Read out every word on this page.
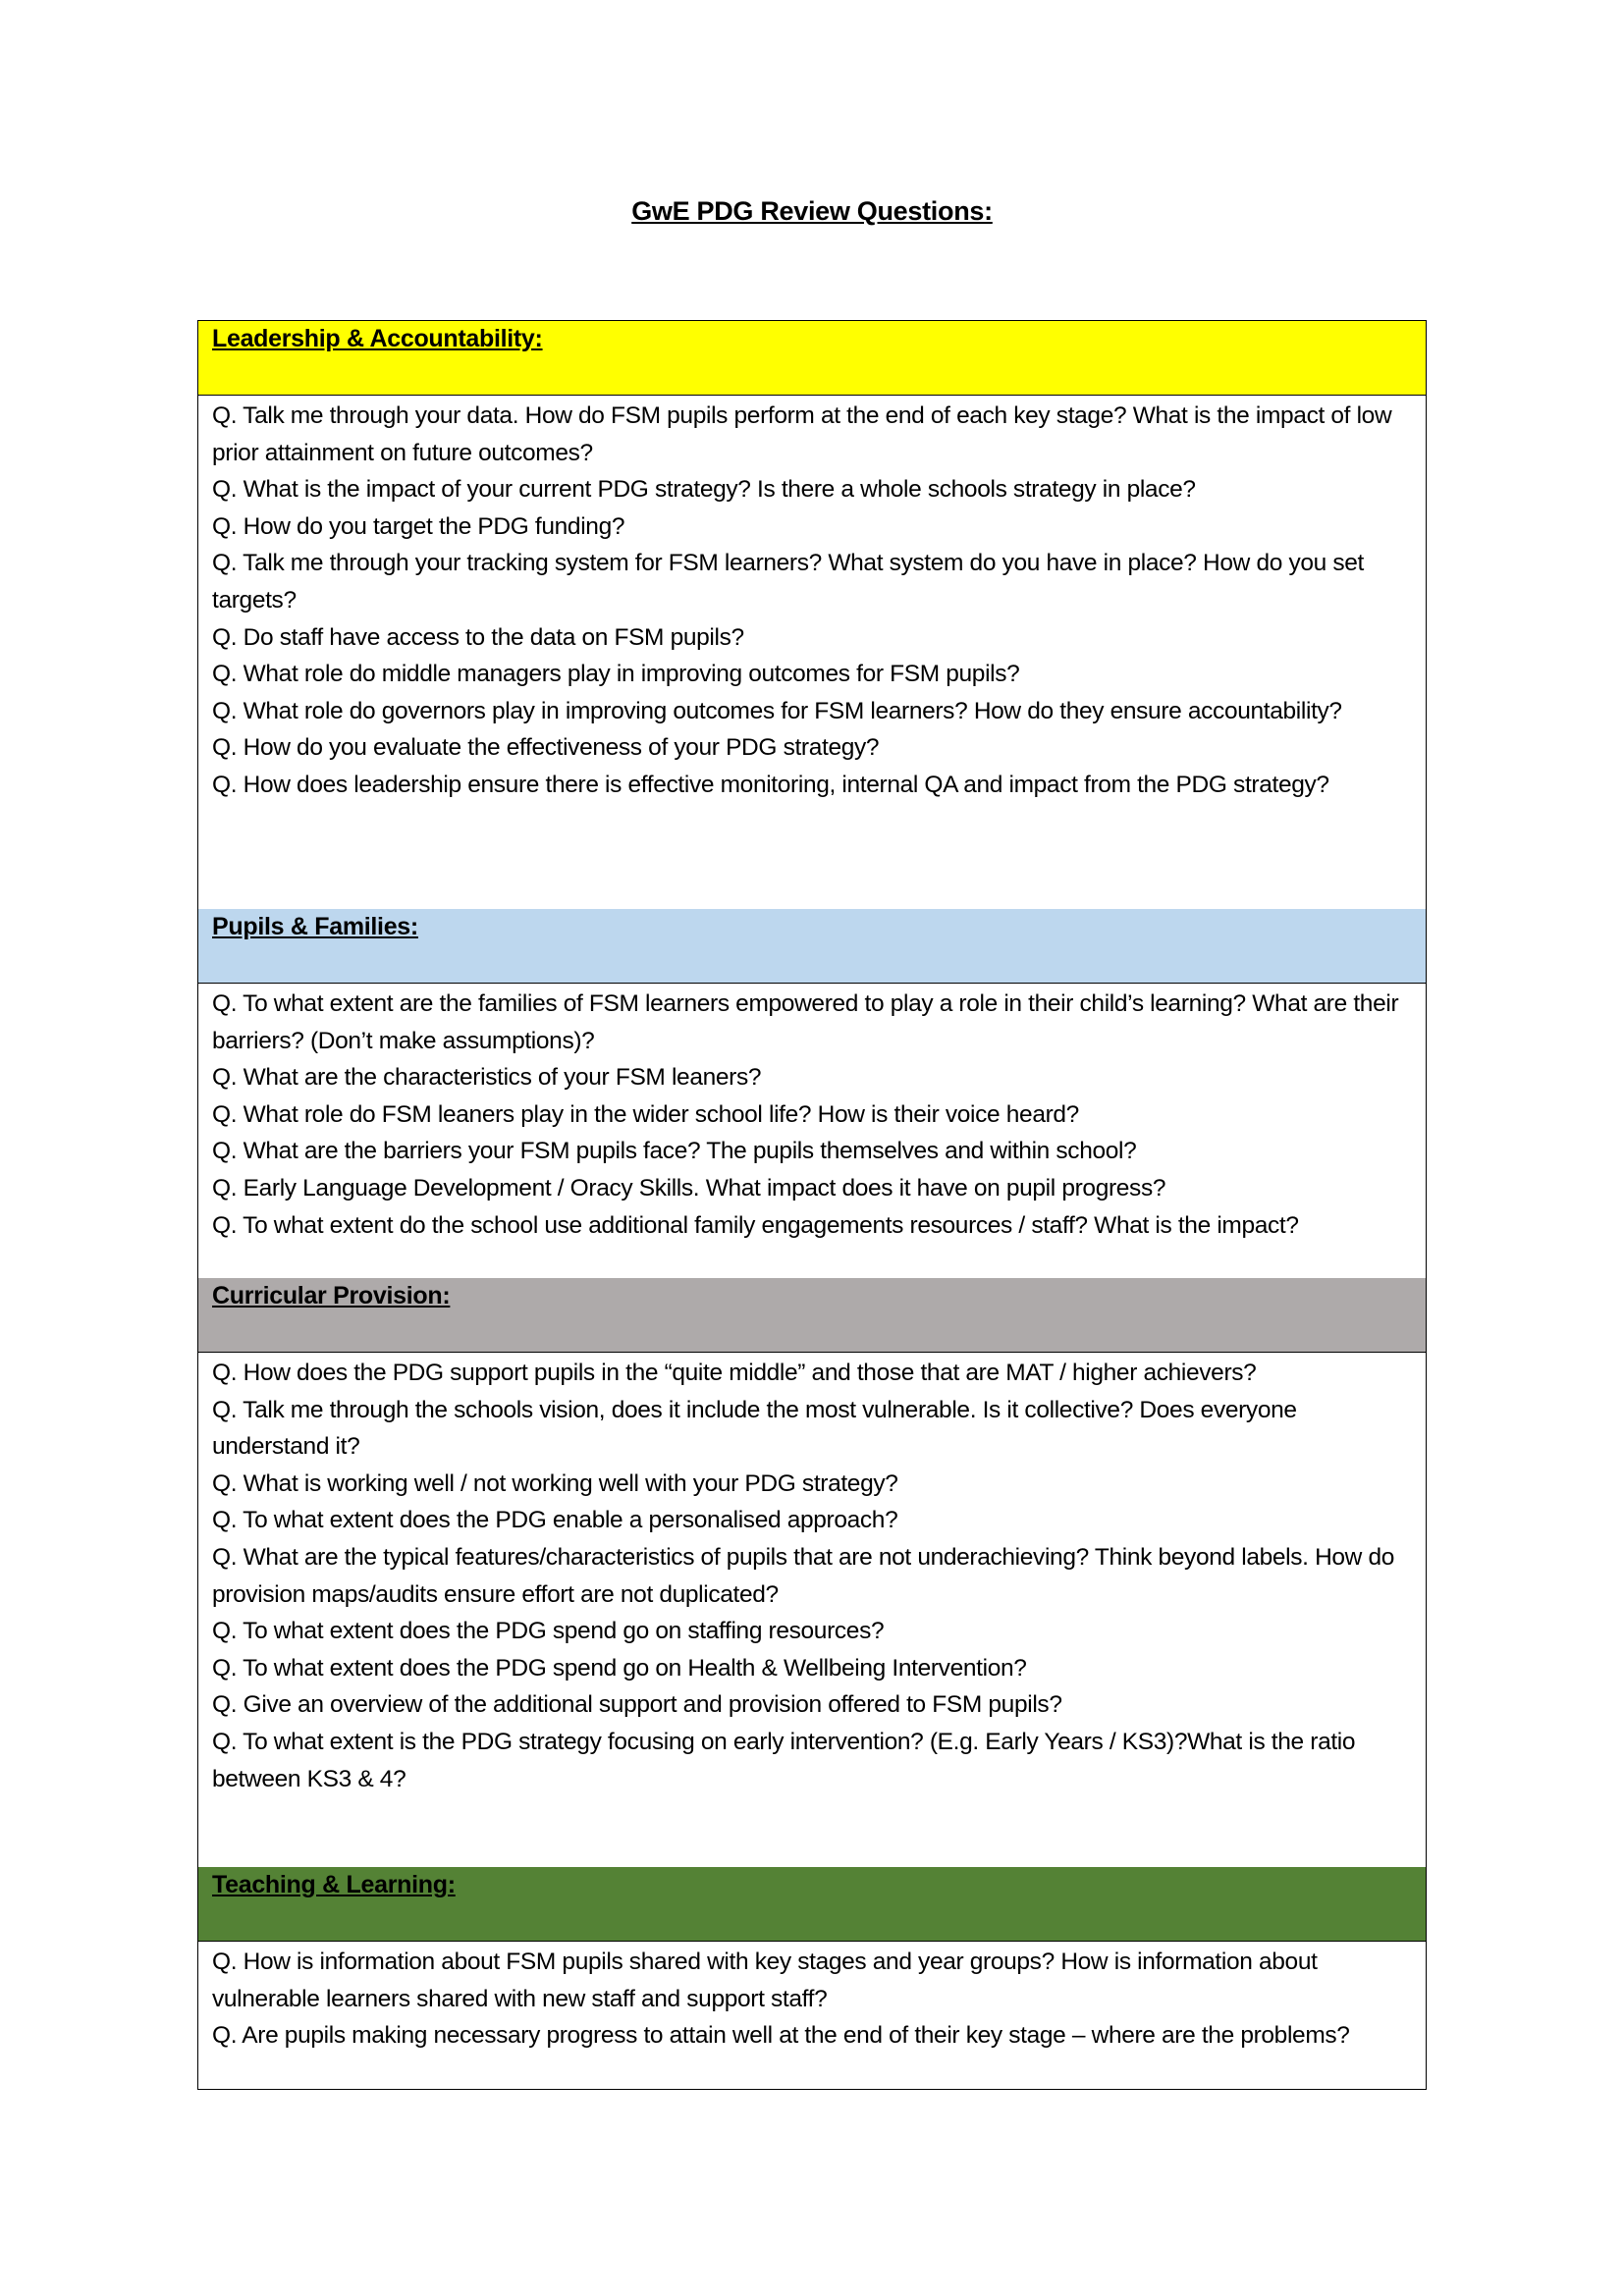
GwE PDG Review Questions:
Leadership & Accountability:
Q. Talk me through your data. How do FSM pupils perform at the end of each key stage? What is the impact of low prior attainment on future outcomes?
Q. What is the impact of your current PDG strategy? Is there a whole schools strategy in place?
Q. How do you target the PDG funding?
Q. Talk me through your tracking system for FSM learners? What system do you have in place? How do you set targets?
Q. Do staff have access to the data on FSM pupils?
Q. What role do middle managers play in improving outcomes for FSM pupils?
Q. What role do governors play in improving outcomes for FSM learners? How do they ensure accountability?
Q. How do you evaluate the effectiveness of your PDG strategy?
Q. How does leadership ensure there is effective monitoring, internal QA and impact from the PDG strategy?
Pupils & Families:
Q. To what extent are the families of FSM learners empowered to play a role in their child’s learning? What are their barriers? (Don’t make assumptions)?
Q. What are the characteristics of your FSM leaners?
Q. What role do FSM leaners play in the wider school life? How is their voice heard?
Q. What are the barriers your FSM pupils face? The pupils themselves and within school?
Q. Early Language Development / Oracy Skills. What impact does it have on pupil progress?
Q. To what extent do the school use additional family engagements resources / staff? What is the impact?
Curricular Provision:
Q. How does the PDG support pupils in the “quite middle” and those that are MAT / higher achievers?
Q. Talk me through the schools vision, does it include the most vulnerable. Is it collective? Does everyone understand it?
Q. What is working well / not working well with your PDG strategy?
Q. To what extent does the PDG enable a personalised approach?
Q. What are the typical features/characteristics of pupils that are not underachieving? Think beyond labels. How do provision maps/audits ensure effort are not duplicated?
Q. To what extent does the PDG spend go on staffing resources?
Q. To what extent does the PDG spend go on Health & Wellbeing Intervention?
Q. Give an overview of the additional support and provision offered to FSM pupils?
Q. To what extent is the PDG strategy focusing on early intervention? (E.g. Early Years / KS3)?What is the ratio between KS3 & 4?
Teaching & Learning:
Q. How is information about FSM pupils shared with key stages and year groups? How is information about vulnerable learners shared with new staff and support staff?
Q. Are pupils making necessary progress to attain well at the end of their key stage – where are the problems?
